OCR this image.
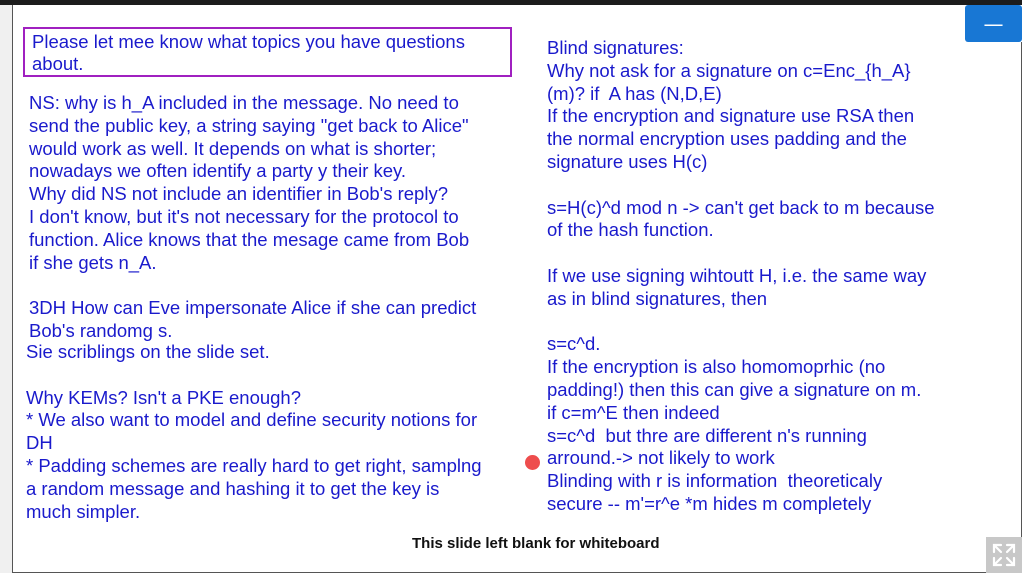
Please let mee know what topics you have questions
about.
NS: why is h_A included in the message. No need to
send the public key, a string saying "get back to Alice"
would work as well. It depends on what is shorter;
nowadays we often identify a party y their key.
Why did NS not include an identifier in Bob's reply?
I don't know, but it's not necessary for the protocol to
function. Alice knows that the mesage came from Bob
if she gets n_A.

3DH How can Eve impersonate Alice if she can predict
Bob's randomg s.
Sie scriblings on the slide set.

Why KEMs? Isn't a PKE enough?
* We also want to model and define security notions for
DH
* Padding schemes are really hard to get right, samplng
a random message and hashing it to get the key is
much simpler.
Blind signatures:
Why not ask for a signature on c=Enc_{h_A}
(m)? if  A has (N,D,E)
If the encryption and signature use RSA then
the normal encryption uses padding and the
signature uses H(c)

s=H(c)^d mod n -> can't get back to m because
of the hash function.

If we use signing wihtoutt H, i.e. the same way
as in blind signatures, then

s=c^d.
If the encryption is also homomoprhic (no
padding!) then this can give a signature on m.
if c=m^E then indeed
s=c^d  but thre are different n's running
arround.-> not likely to work
Blinding with r is information  theoreticaly
secure -- m'=r^e *m hides m completely
This slide left blank for whiteboard
—
